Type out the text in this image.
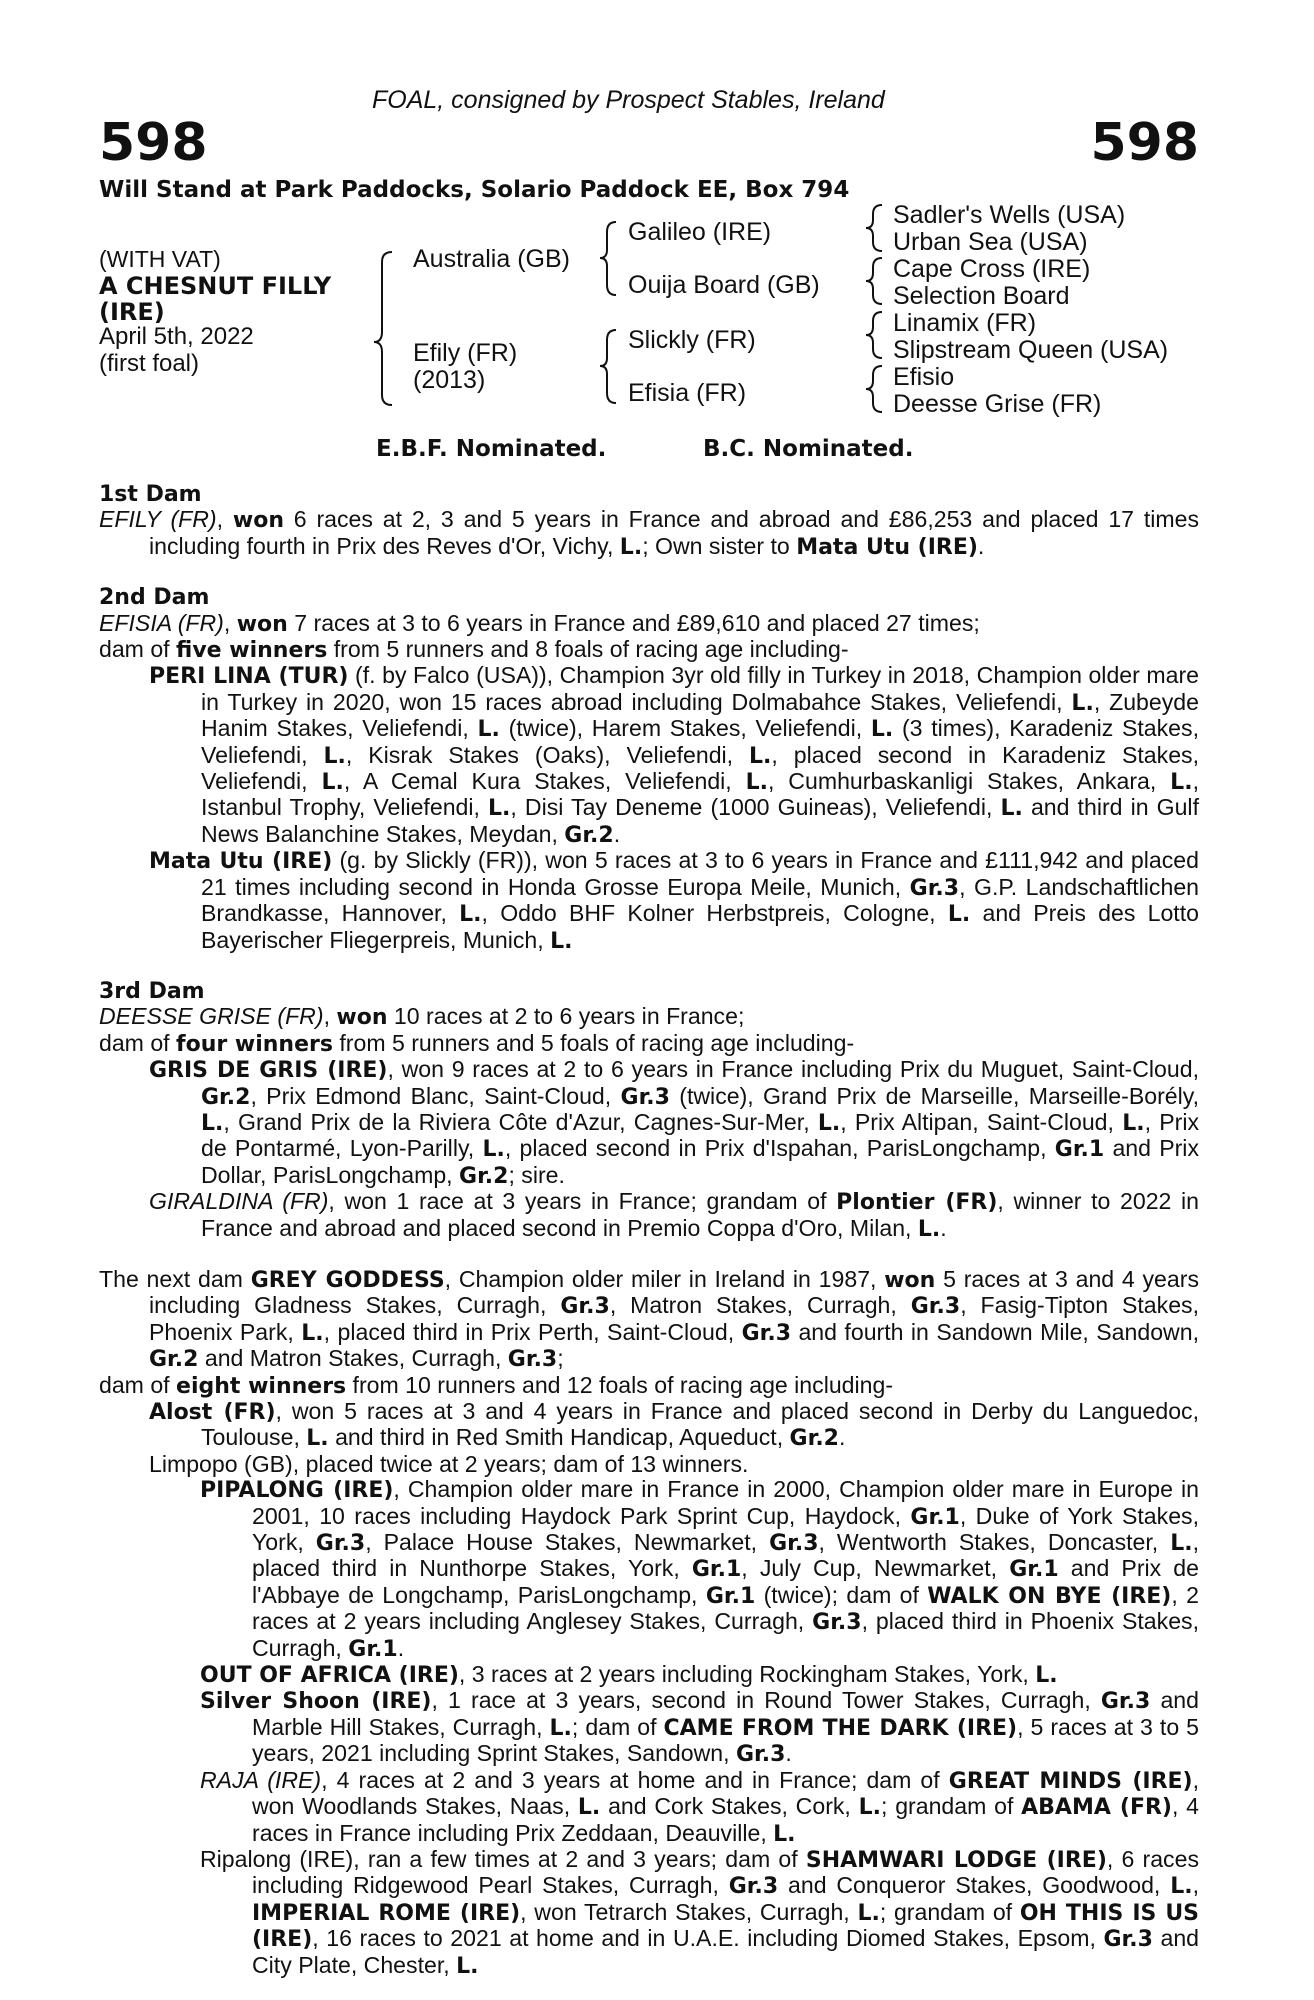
FOAL, consigned by Prospect Stables, Ireland
598	598
Will Stand at Park Paddocks, Solario Paddock EE, Box 794
(WITH VAT)
A CHESNUT FILLY
(IRE)
April 5th, 2022
(first foal)
Australia (GB)
Efily (FR)
(2013)
Galileo (IRE)
Ouija Board (GB)
Slickly (FR)
Efisia (FR)
Sadler's Wells (USA)
Urban Sea (USA)
Cape Cross (IRE)
Selection Board
Linamix (FR)
Slipstream Queen (USA)
Efisio
Deesse Grise (FR)
E.B.F. Nominated.	B.C. Nominated.

1st Dam

EFILY (FR), won 6 races at 2, 3 and 5 years in France and abroad and £86,253 and placed 17 times including fourth in Prix des Reves d'Or, Vichy, L.; Own sister to Mata Utu (IRE).

2nd Dam

EFISIA (FR), won 7 races at 3 to 6 years in France and £89,610 and placed 27 times;

dam of five winners from 5 runners and 8 foals of racing age including-

PERI LINA (TUR) (f. by Falco (USA)), Champion 3yr old filly in Turkey in 2018, Champion older mare in Turkey in 2020, won 15 races abroad including Dolmabahce Stakes, Veliefendi, L., Zubeyde Hanim Stakes, Veliefendi, L. (twice), Harem Stakes, Veliefendi, L. (3 times), Karadeniz Stakes, Veliefendi, L., Kisrak Stakes (Oaks), Veliefendi, L., placed second in Karadeniz Stakes, Veliefendi, L., A Cemal Kura Stakes, Veliefendi, L., Cumhurbaskanligi Stakes, Ankara, L., Istanbul Trophy, Veliefendi, L., Disi Tay Deneme (1000 Guineas), Veliefendi, L. and third in Gulf News Balanchine Stakes, Meydan, Gr.2.

Mata Utu (IRE) (g. by Slickly (FR)), won 5 races at 3 to 6 years in France and £111,942 and placed 21 times including second in Honda Grosse Europa Meile, Munich, Gr.3, G.P. Landschaftlichen Brandkasse, Hannover, L., Oddo BHF Kolner Herbstpreis, Cologne, L. and Preis des Lotto Bayerischer Fliegerpreis, Munich, L.

3rd Dam

DEESSE GRISE (FR), won 10 races at 2 to 6 years in France;

dam of four winners from 5 runners and 5 foals of racing age including-

GRIS DE GRIS (IRE), won 9 races at 2 to 6 years in France including Prix du Muguet, Saint-Cloud, Gr.2, Prix Edmond Blanc, Saint-Cloud, Gr.3 (twice), Grand Prix de Marseille, Marseille-Borély, L., Grand Prix de la Riviera Côte d'Azur, Cagnes-Sur-Mer, L., Prix Altipan, Saint-Cloud, L., Prix de Pontarmé, Lyon-Parilly, L., placed second in Prix d'Ispahan, ParisLongchamp, Gr.1 and Prix Dollar, ParisLongchamp, Gr.2; sire.

GIRALDINA (FR), won 1 race at 3 years in France; grandam of Plontier (FR), winner to 2022 in France and abroad and placed second in Premio Coppa d'Oro, Milan, L..

The next dam GREY GODDESS, Champion older miler in Ireland in 1987, won 5 races at 3 and 4 years including Gladness Stakes, Curragh, Gr.3, Matron Stakes, Curragh, Gr.3, Fasig-Tipton Stakes, Phoenix Park, L., placed third in Prix Perth, Saint-Cloud, Gr.3 and fourth in Sandown Mile, Sandown, Gr.2 and Matron Stakes, Curragh, Gr.3;

dam of eight winners from 10 runners and 12 foals of racing age including-

Alost (FR), won 5 races at 3 and 4 years in France and placed second in Derby du Languedoc, Toulouse, L. and third in Red Smith Handicap, Aqueduct, Gr.2.

Limpopo (GB), placed twice at 2 years; dam of 13 winners.

PIPALONG (IRE), Champion older mare in France in 2000, Champion older mare in Europe in 2001, 10 races including Haydock Park Sprint Cup, Haydock, Gr.1, Duke of York Stakes, York, Gr.3, Palace House Stakes, Newmarket, Gr.3, Wentworth Stakes, Doncaster, L., placed third in Nunthorpe Stakes, York, Gr.1, July Cup, Newmarket, Gr.1 and Prix de l'Abbaye de Longchamp, ParisLongchamp, Gr.1 (twice); dam of WALK ON BYE (IRE), 2 races at 2 years including Anglesey Stakes, Curragh, Gr.3, placed third in Phoenix Stakes, Curragh, Gr.1.

OUT OF AFRICA (IRE), 3 races at 2 years including Rockingham Stakes, York, L.

Silver Shoon (IRE), 1 race at 3 years, second in Round Tower Stakes, Curragh, Gr.3 and Marble Hill Stakes, Curragh, L.; dam of CAME FROM THE DARK (IRE), 5 races at 3 to 5 years, 2021 including Sprint Stakes, Sandown, Gr.3.

RAJA (IRE), 4 races at 2 and 3 years at home and in France; dam of GREAT MINDS (IRE), won Woodlands Stakes, Naas, L. and Cork Stakes, Cork, L.; grandam of ABAMA (FR), 4 races in France including Prix Zeddaan, Deauville, L.

Ripalong (IRE), ran a few times at 2 and 3 years; dam of SHAMWARI LODGE (IRE), 6 races including Ridgewood Pearl Stakes, Curragh, Gr.3 and Conqueror Stakes, Goodwood, L., IMPERIAL ROME (IRE), won Tetrarch Stakes, Curragh, L.; grandam of OH THIS IS US (IRE), 16 races to 2021 at home and in U.A.E. including Diomed Stakes, Epsom, Gr.3 and City Plate, Chester, L.
